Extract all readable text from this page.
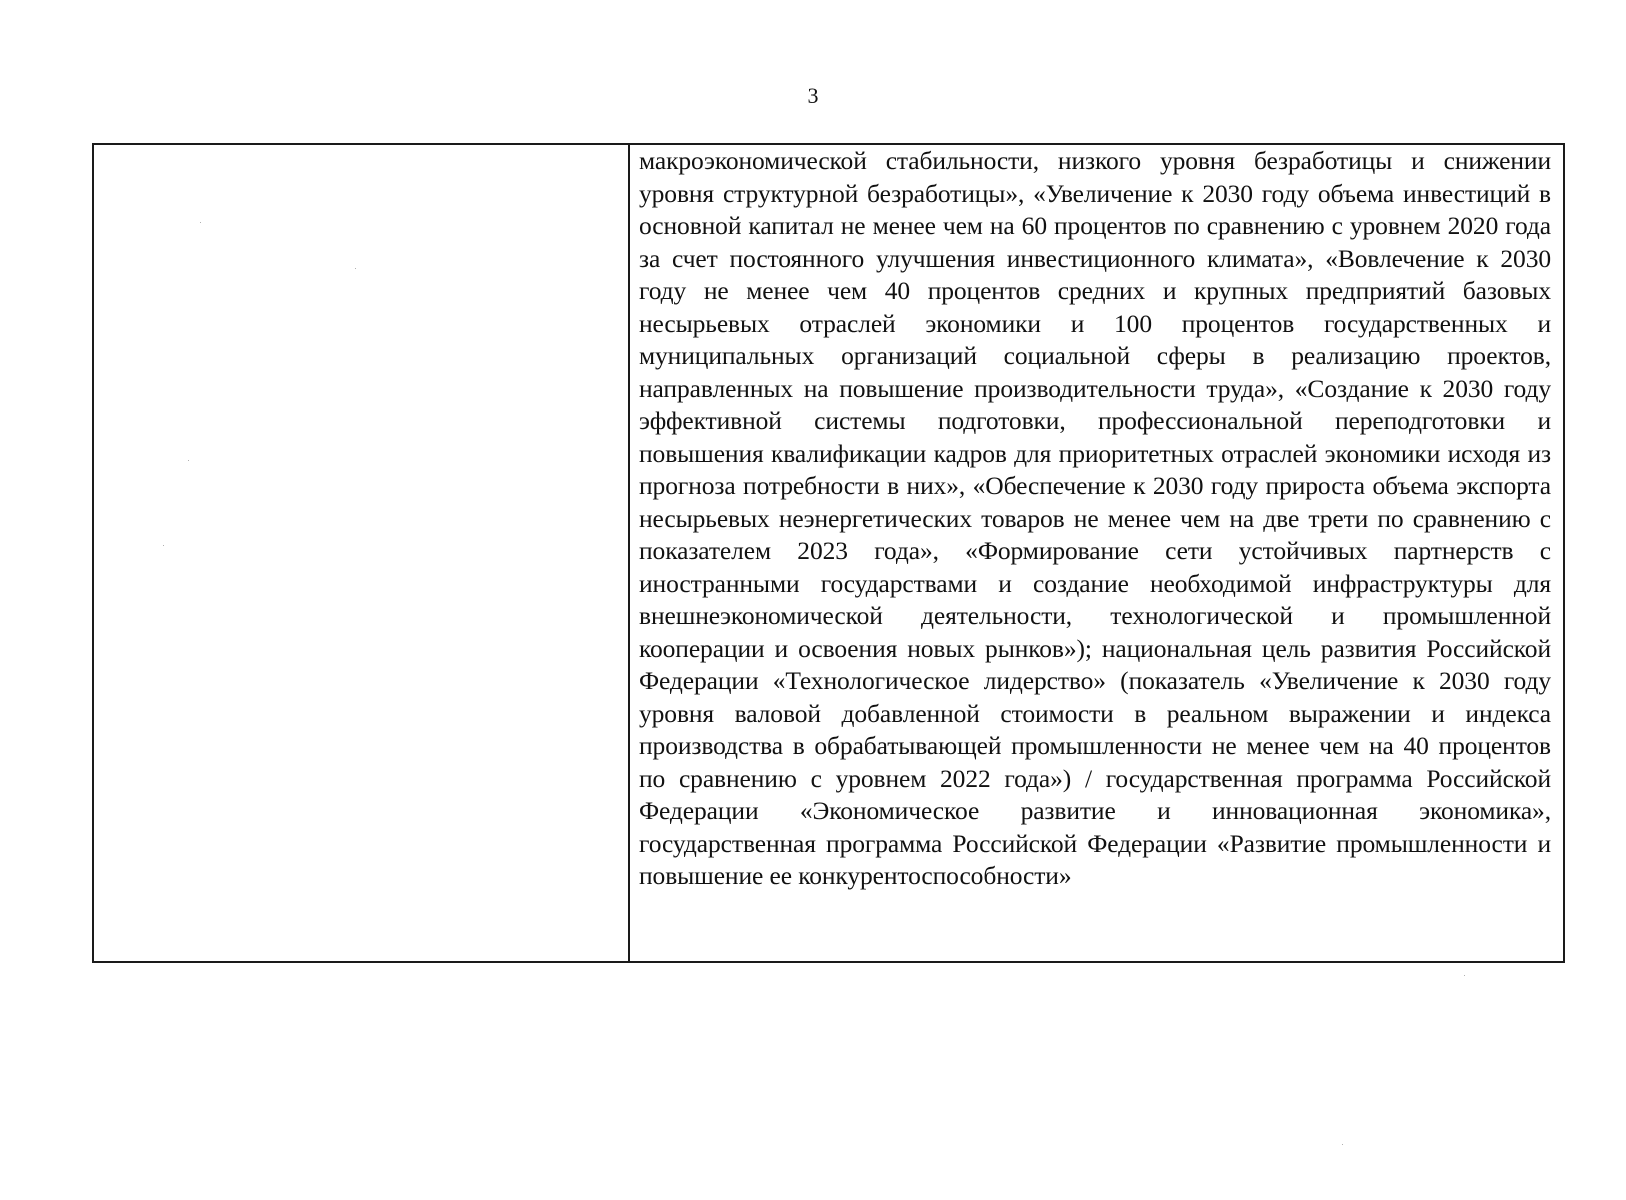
3

макроэкономической стабильности, низкого уровня безработицы и снижении уровня структурной безработицы», «Увеличение к 2030 году объема инвестиций в основной капитал не менее чем на 60 процентов по сравнению с уровнем 2020 года за счет постоянного улучшения инвестиционного климата», «Вовлечение к 2030 году не менее чем 40 процентов средних и крупных предприятий базовых несырьевых отраслей экономики и 100 процентов государственных и муниципальных организаций социальной сферы в реализацию проектов, направленных на повышение производительности труда», «Создание к 2030 году эффективной системы подготовки, профессиональной переподготовки и повышения квалификации кадров для приоритетных отраслей экономики исходя из прогноза потребности в них», «Обеспечение к 2030 году прироста объема экспорта несырьевых неэнергетических товаров не менее чем на две трети по сравнению с показателем 2023 года», «Формирование сети устойчивых партнерств с иностранными государствами и создание необходимой инфраструктуры для внешнеэкономической деятельности, технологической и промышленной кооперации и освоения новых рынков»); национальная цель развития Российской Федерации «Технологическое лидерство» (показатель «Увеличение к 2030 году уровня валовой добавленной стоимости в реальном выражении и индекса производства в обрабатывающей промышленности не менее чем на 40 процентов по сравнению с уровнем 2022 года») / государственная программа Российской Федерации «Экономическое развитие и инновационная экономика», государственная программа Российской Федерации «Развитие промышленности и повышение ее конкурентоспособности»
